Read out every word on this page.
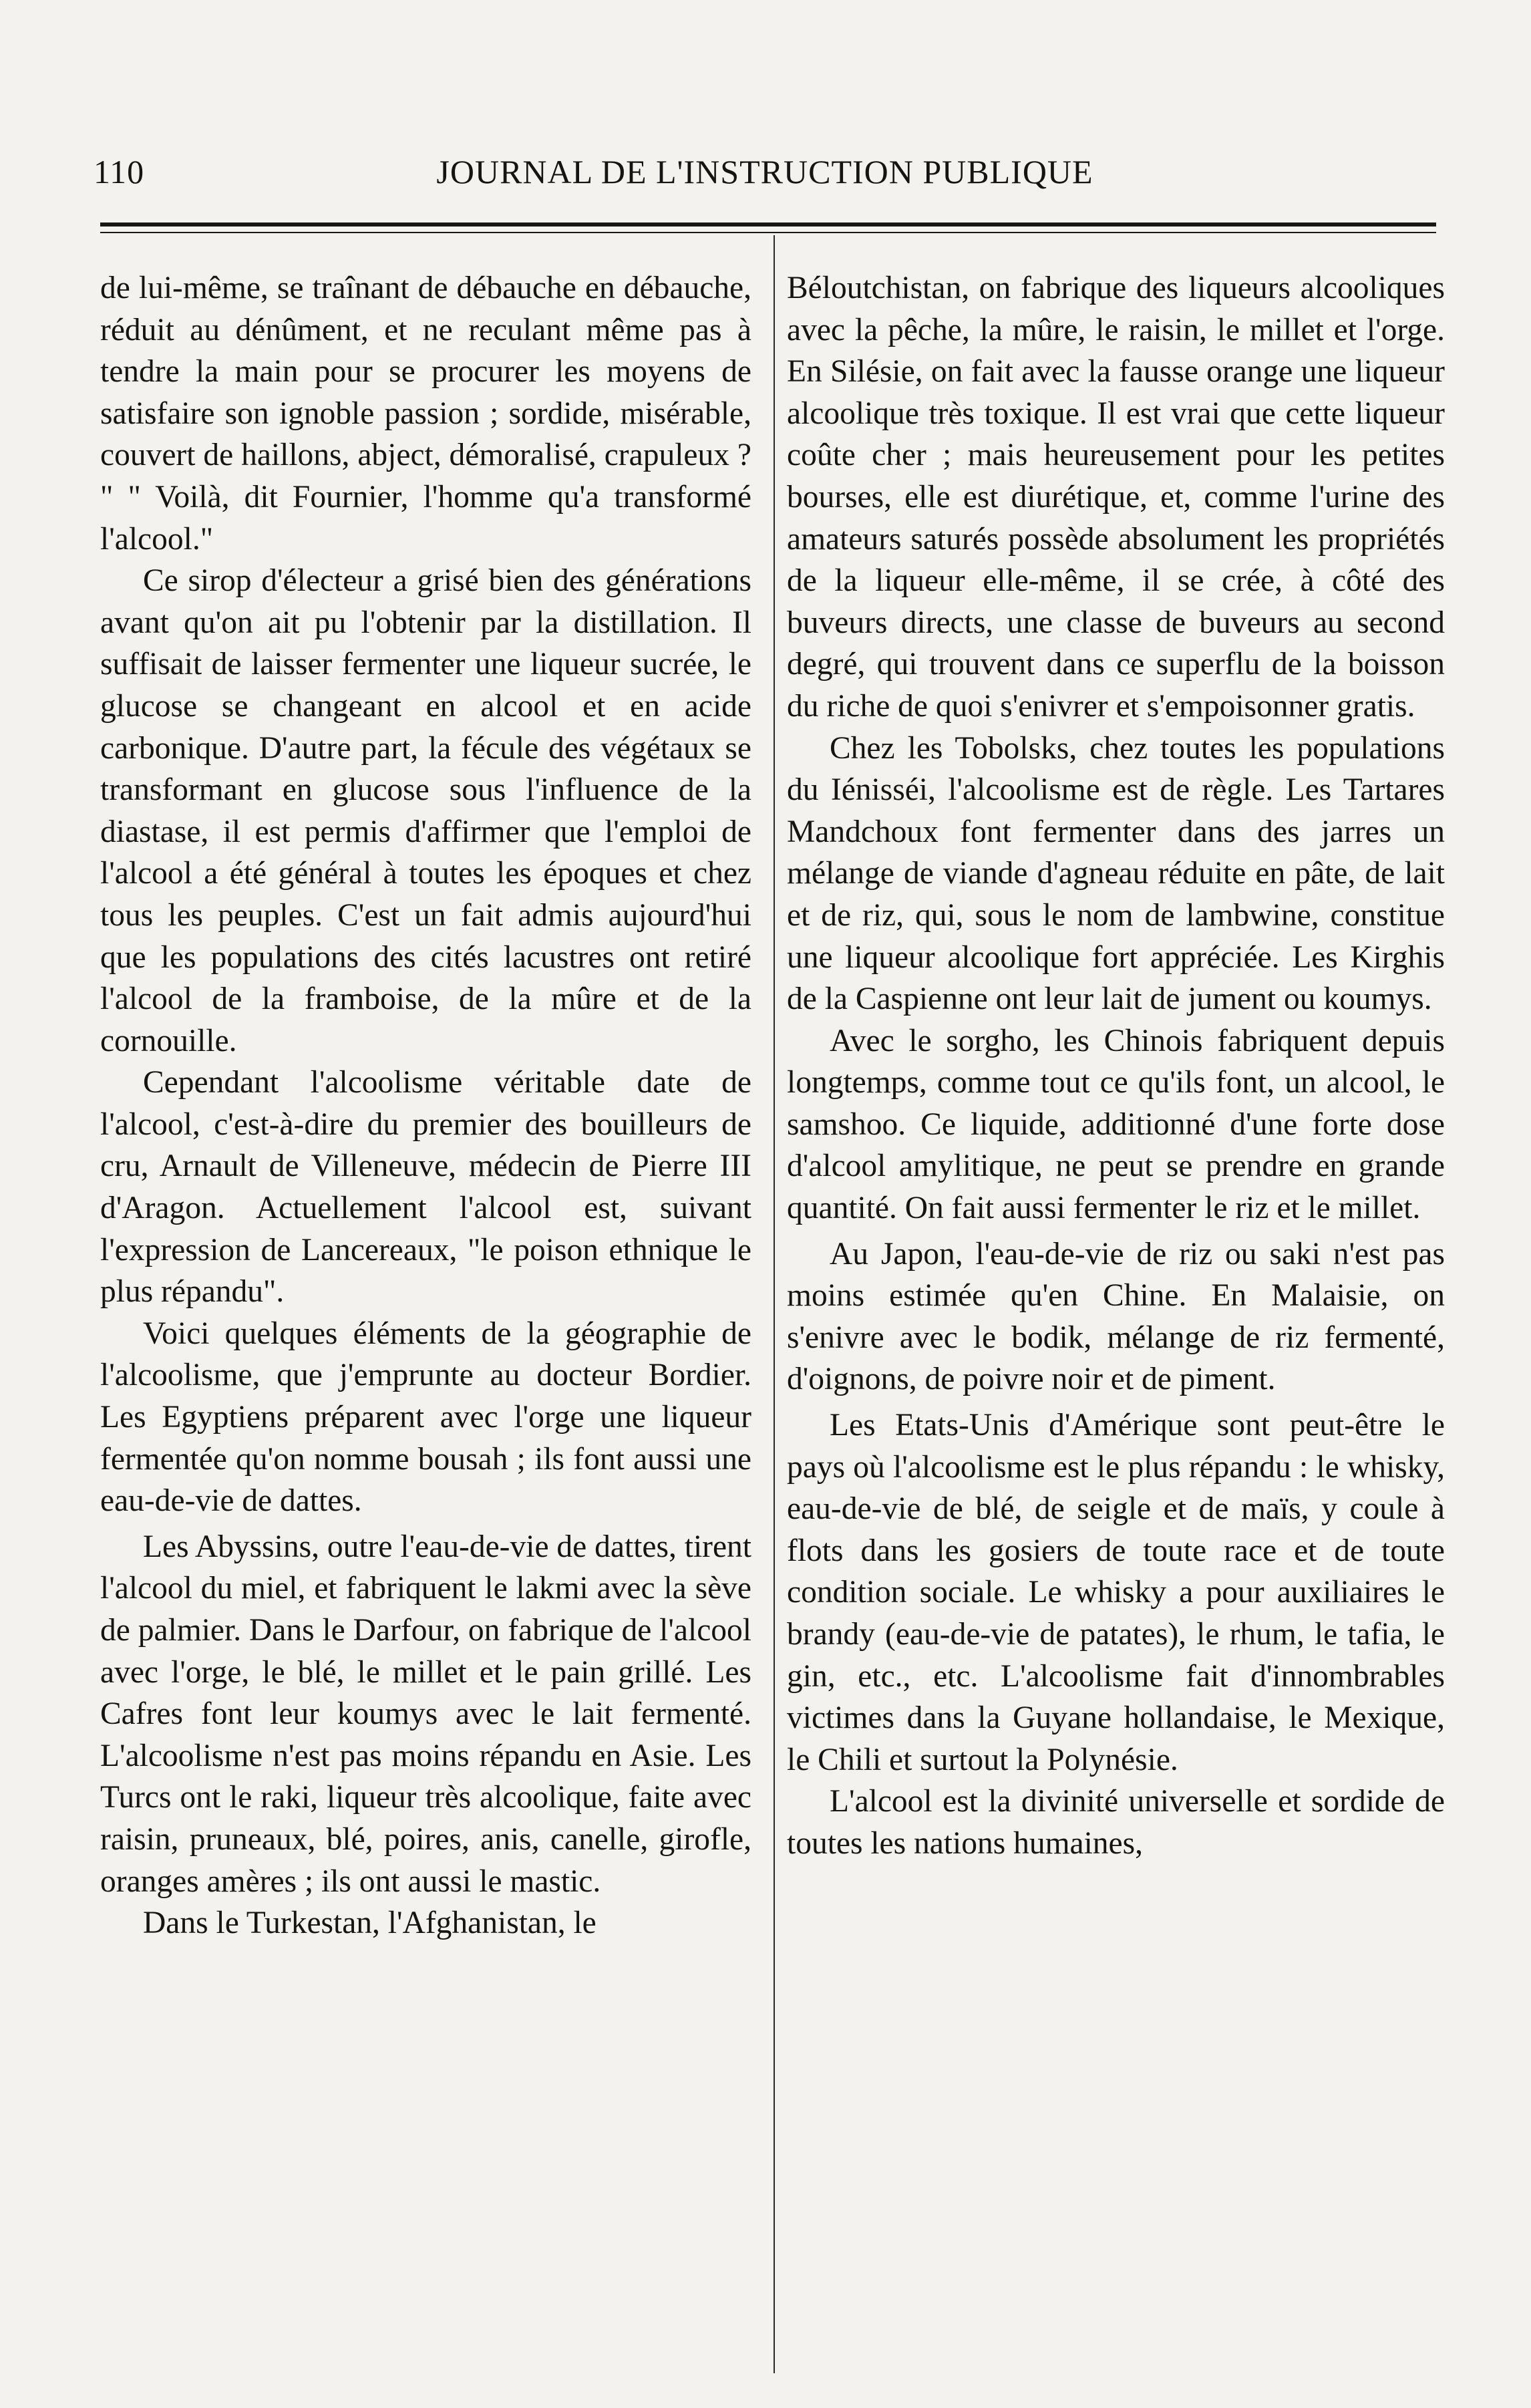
110	JOURNAL DE L'INSTRUCTION PUBLIQUE

de lui-même, se traînant de débauche en débauche, réduit au dénûment, et ne reculant même pas à tendre la main pour se procurer les moyens de satisfaire son ignoble passion ; sordide, misérable, couvert de haillons, abject, démoralisé, crapuleux ? " " Voilà, dit Fournier, l'homme qu'a transformé l'alcool."

Ce sirop d'électeur a grisé bien des générations avant qu'on ait pu l'obtenir par la distillation. Il suffisait de laisser fermenter une liqueur sucrée, le glucose se changeant en alcool et en acide carbonique. D'autre part, la fécule des végétaux se transformant en glucose sous l'influence de la diastase, il est permis d'affirmer que l'emploi de l'alcool a été général à toutes les époques et chez tous les peuples. C'est un fait admis aujourd'hui que les populations des cités lacustres ont retiré l'alcool de la framboise, de la mûre et de la cornouille.

Cependant l'alcoolisme véritable date de l'alcool, c'est-à-dire du premier des bouilleurs de cru, Arnault de Villeneuve, médecin de Pierre III d'Aragon. Actuellement l'alcool est, suivant l'expression de Lancereaux, "le poison ethnique le plus répandu".

Voici quelques éléments de la géographie de l'alcoolisme, que j'emprunte au docteur Bordier. Les Egyptiens préparent avec l'orge une liqueur fermentée qu'on nomme bousah ; ils font aussi une eau-de-vie de dattes.

Les Abyssins, outre l'eau-de-vie de dattes, tirent l'alcool du miel, et fabriquent le lakmi avec la sève de palmier. Dans le Darfour, on fabrique de l'alcool avec l'orge, le blé, le millet et le pain grillé. Les Cafres font leur koumys avec le lait fermenté. L'alcoolisme n'est pas moins répandu en Asie. Les Turcs ont le raki, liqueur très alcoolique, faite avec raisin, pruneaux, blé, poires, anis, canelle, girofle, oranges amères ; ils ont aussi le mastic.

Dans le Turkestan, l'Afghanistan, le

Béloutchistan, on fabrique des liqueurs alcooliques avec la pêche, la mûre, le raisin, le millet et l'orge. En Silésie, on fait avec la fausse orange une liqueur alcoolique très toxique. Il est vrai que cette liqueur coûte cher ; mais heureusement pour les petites bourses, elle est diurétique, et, comme l'urine des amateurs saturés possède absolument les propriétés de la liqueur elle-même, il se crée, à côté des buveurs directs, une classe de buveurs au second degré, qui trouvent dans ce superflu de la boisson du riche de quoi s'enivrer et s'empoisonner gratis.

Chez les Tobolsks, chez toutes les populations du Iénisséi, l'alcoolisme est de règle. Les Tartares Mandchoux font fermenter dans des jarres un mélange de viande d'agneau réduite en pâte, de lait et de riz, qui, sous le nom de lambwine, constitue une liqueur alcoolique fort appréciée. Les Kirghis de la Caspienne ont leur lait de jument ou koumys.

Avec le sorgho, les Chinois fabriquent depuis longtemps, comme tout ce qu'ils font, un alcool, le samshoo. Ce liquide, additionné d'une forte dose d'alcool amylitique, ne peut se prendre en grande quantité. On fait aussi fermenter le riz et le millet.

Au Japon, l'eau-de-vie de riz ou saki n'est pas moins estimée qu'en Chine. En Malaisie, on s'enivre avec le bodik, mélange de riz fermenté, d'oignons, de poivre noir et de piment.

Les Etats-Unis d'Amérique sont peut-être le pays où l'alcoolisme est le plus répandu : le whisky, eau-de-vie de blé, de seigle et de maïs, y coule à flots dans les gosiers de toute race et de toute condition sociale. Le whisky a pour auxiliaires le brandy (eau-de-vie de patates), le rhum, le tafia, le gin, etc., etc. L'alcoolisme fait d'innombrables victimes dans la Guyane hollandaise, le Mexique, le Chili et surtout la Polynésie.

L'alcool est la divinité universelle et sordide de toutes les nations humaines,
